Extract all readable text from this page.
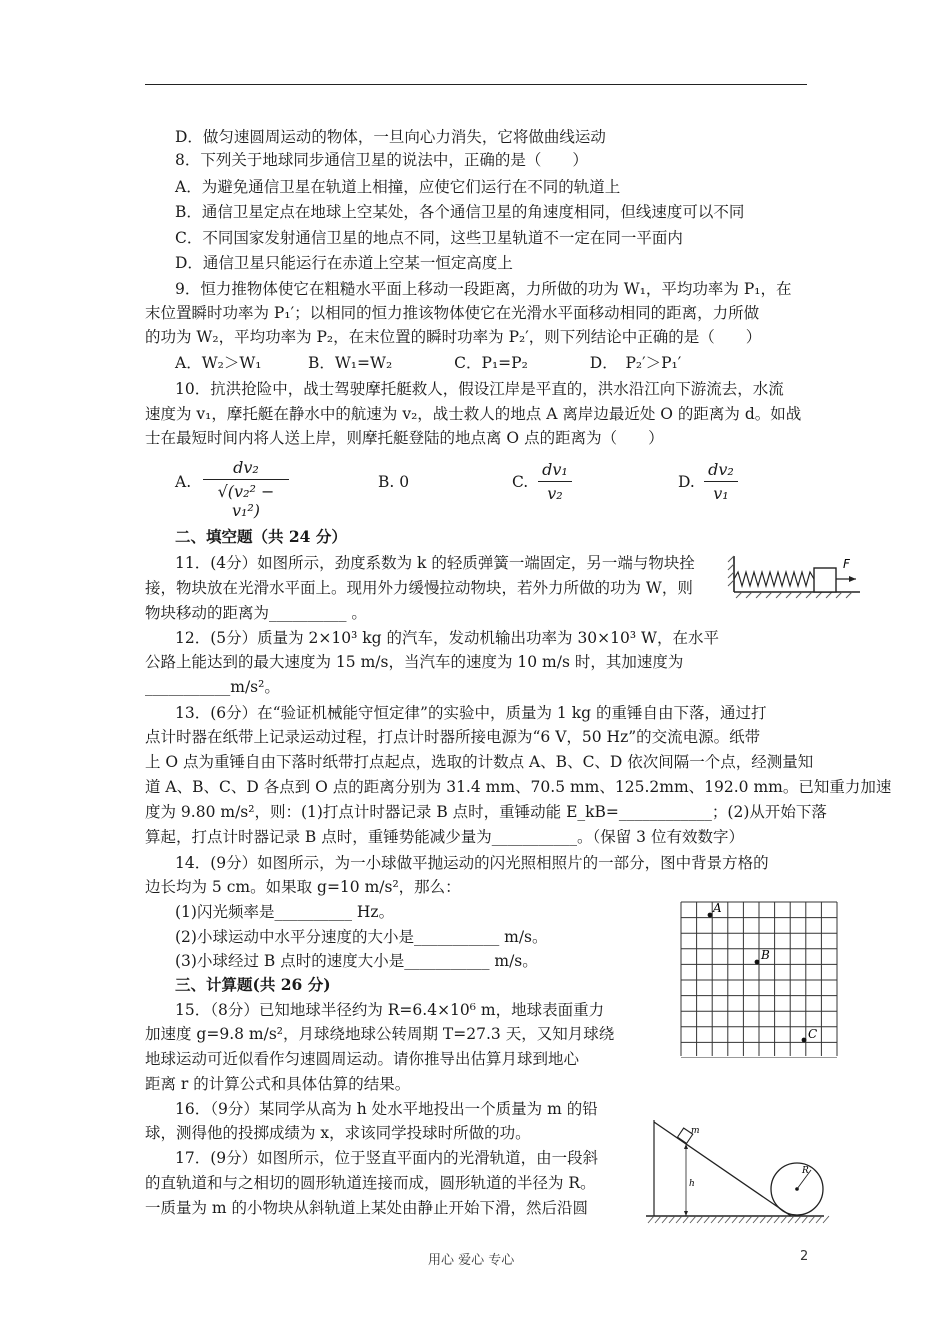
D．做匀速圆周运动的物体，一旦向心力消失，它将做曲线运动
8．下列关于地球同步通信卫星的说法中，正确的是（　　）
A．为避免通信卫星在轨道上相撞，应使它们运行在不同的轨道上
B．通信卫星定点在地球上空某处，各个通信卫星的角速度相同，但线速度可以不同
C．不同国家发射通信卫星的地点不同，这些卫星轨道不一定在同一平面内
D．通信卫星只能运行在赤道上空某一恒定高度上
9．恒力推物体使它在粗糙水平面上移动一段距离，力所做的功为 W₁，平均功率为 P₁，在
末位置瞬时功率为 P₁′；以相同的恒力推该物体使它在光滑水平面移动相同的距离，力所做
的功为 W₂，平均功率为 P₂，在末位置的瞬时功率为 P₂′，则下列结论中正确的是（　　）
A．W₂＞W₁　　　B．W₁=W₂　　　　C．P₁=P₂　　　　D．　P₂′＞P₁′
10．抗洪抢险中，战士驾驶摩托艇救人，假设江岸是平直的，洪水沿江向下游流去，水流
速度为 v₁，摩托艇在静水中的航速为 v₂，战士救人的地点 A 离岸边最近处 O 的距离为 d。如战
士在最短时间内将人送上岸，则摩托艇登陆的地点离 O 点的距离为（　　）
二、填空题（共 24 分）
11．(4分）如图所示，劲度系数为 k 的轻质弹簧一端固定，另一端与物块拴
接，物块放在光滑水平面上。现用外力缓慢拉动物块，若外力所做的功为 W，则
物块移动的距离为__________ 。
12．(5分）质量为 2×10³ kg 的汽车，发动机输出功率为 30×10³ W，在水平
公路上能达到的最大速度为 15 m/s，当汽车的速度为 10 m/s 时，其加速度为
___________m/s²。
13．(6分）在“验证机械能守恒定律”的实验中，质量为 1 kg 的重锤自由下落，通过打
点计时器在纸带上记录运动过程，打点计时器所接电源为“6 V，50 Hz”的交流电源。纸带
上 O 点为重锤自由下落时纸带打点起点，选取的计数点 A、B、C、D 依次间隔一个点，经测量知
道 A、B、C、D 各点到 O 点的距离分别为 31.4 mm、70.5 mm、125.2mm、192.0 mm。已知重力加速
度为 9.80 m/s²，则：(1)打点计时器记录 B 点时，重锤动能 E_kB=____________；(2)从开始下落
算起，打点计时器记录 B 点时，重锤势能减少量为___________。（保留 3 位有效数字）
14．(9分）如图所示，为一小球做平抛运动的闪光照相照片的一部分，图中背景方格的
边长均为 5 cm。如果取 g=10 m/s²，那么：
(1)闪光频率是__________ Hz。
(2)小球运动中水平分速度的大小是___________ m/s。
(3)小球经过 B 点时的速度大小是___________ m/s。
三、计算题(共 26 分)
15．（8分）已知地球半径约为 R=6.4×10⁶ m，地球表面重力
加速度 g=9.8 m/s²，月球绕地球公转周期 T=27.3 天，又知月球绕
地球运动可近似看作匀速圆周运动。请你推导出估算月球到地心
距离 r 的计算公式和具体估算的结果。
16．（9分）某同学从高为 h 处水平地投出一个质量为 m 的铅
球，测得他的投掷成绩为 x，求该同学投球时所做的功。
17．(9分）如图所示，位于竖直平面内的光滑轨道，由一段斜
的直轨道和与之相切的圆形轨道连接而成，圆形轨道的半径为 R。
一质量为 m 的小物块从斜轨道上某处由静止开始下滑，然后沿圆
A.
dv₂
√(v₂² − v₁²)
B. 0	C.
dv₁
v₂
D.
dv₂
v₁
F
A
B
C
R
m
h
用心 爱心 专心	2
